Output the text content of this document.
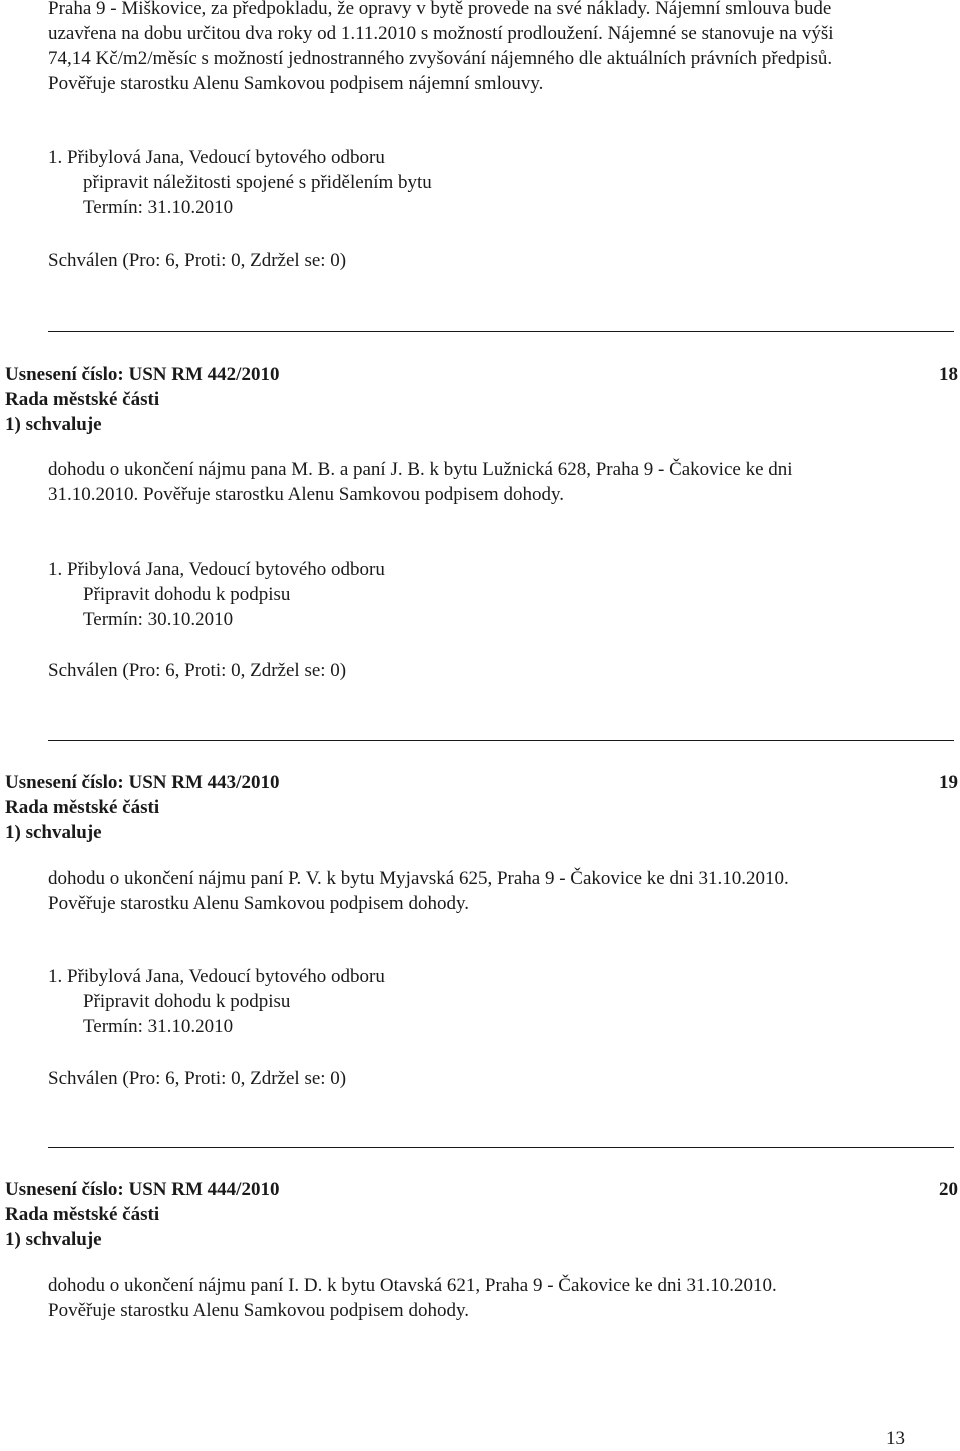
Praha 9 - Miškovice, za předpokladu, že opravy v bytě provede na své náklady. Nájemní smlouva bude
uzavřena na dobu určitou dva roky od 1.11.2010 s možností prodloužení. Nájemné se stanovuje na výši
74,14 Kč/m2/měsíc s možností jednostranného zvyšování nájemného dle aktuálních právních předpisů.
Pověřuje starostku Alenu Samkovou podpisem nájemní smlouvy.
1. Přibylová Jana, Vedoucí bytového odboru
připravit náležitosti spojené s přidělením bytu
Termín: 31.10.2010
Schválen (Pro: 6, Proti: 0, Zdržel se: 0)
Usnesení číslo: USN RM 442/2010	18
Rada městské části
1) schvaluje
dohodu o ukončení nájmu pana M. B. a paní J. B. k bytu Lužnická 628, Praha 9 - Čakovice ke dni
31.10.2010. Pověřuje starostku Alenu Samkovou podpisem dohody.
1. Přibylová Jana, Vedoucí bytového odboru
Připravit dohodu k podpisu
Termín: 30.10.2010
Schválen (Pro: 6, Proti: 0, Zdržel se: 0)
Usnesení číslo: USN RM 443/2010	19
Rada městské části
1) schvaluje
dohodu o ukončení nájmu paní P. V. k bytu Myjavská 625, Praha 9 - Čakovice ke dni 31.10.2010.
Pověřuje starostku Alenu Samkovou podpisem dohody.
1. Přibylová Jana, Vedoucí bytového odboru
Připravit dohodu k podpisu
Termín: 31.10.2010
Schválen (Pro: 6, Proti: 0, Zdržel se: 0)
Usnesení číslo: USN RM 444/2010	20
Rada městské části
1) schvaluje
dohodu o ukončení nájmu paní I. D. k bytu Otavská 621, Praha 9 - Čakovice ke dni 31.10.2010.
Pověřuje starostku Alenu Samkovou podpisem dohody.
13
